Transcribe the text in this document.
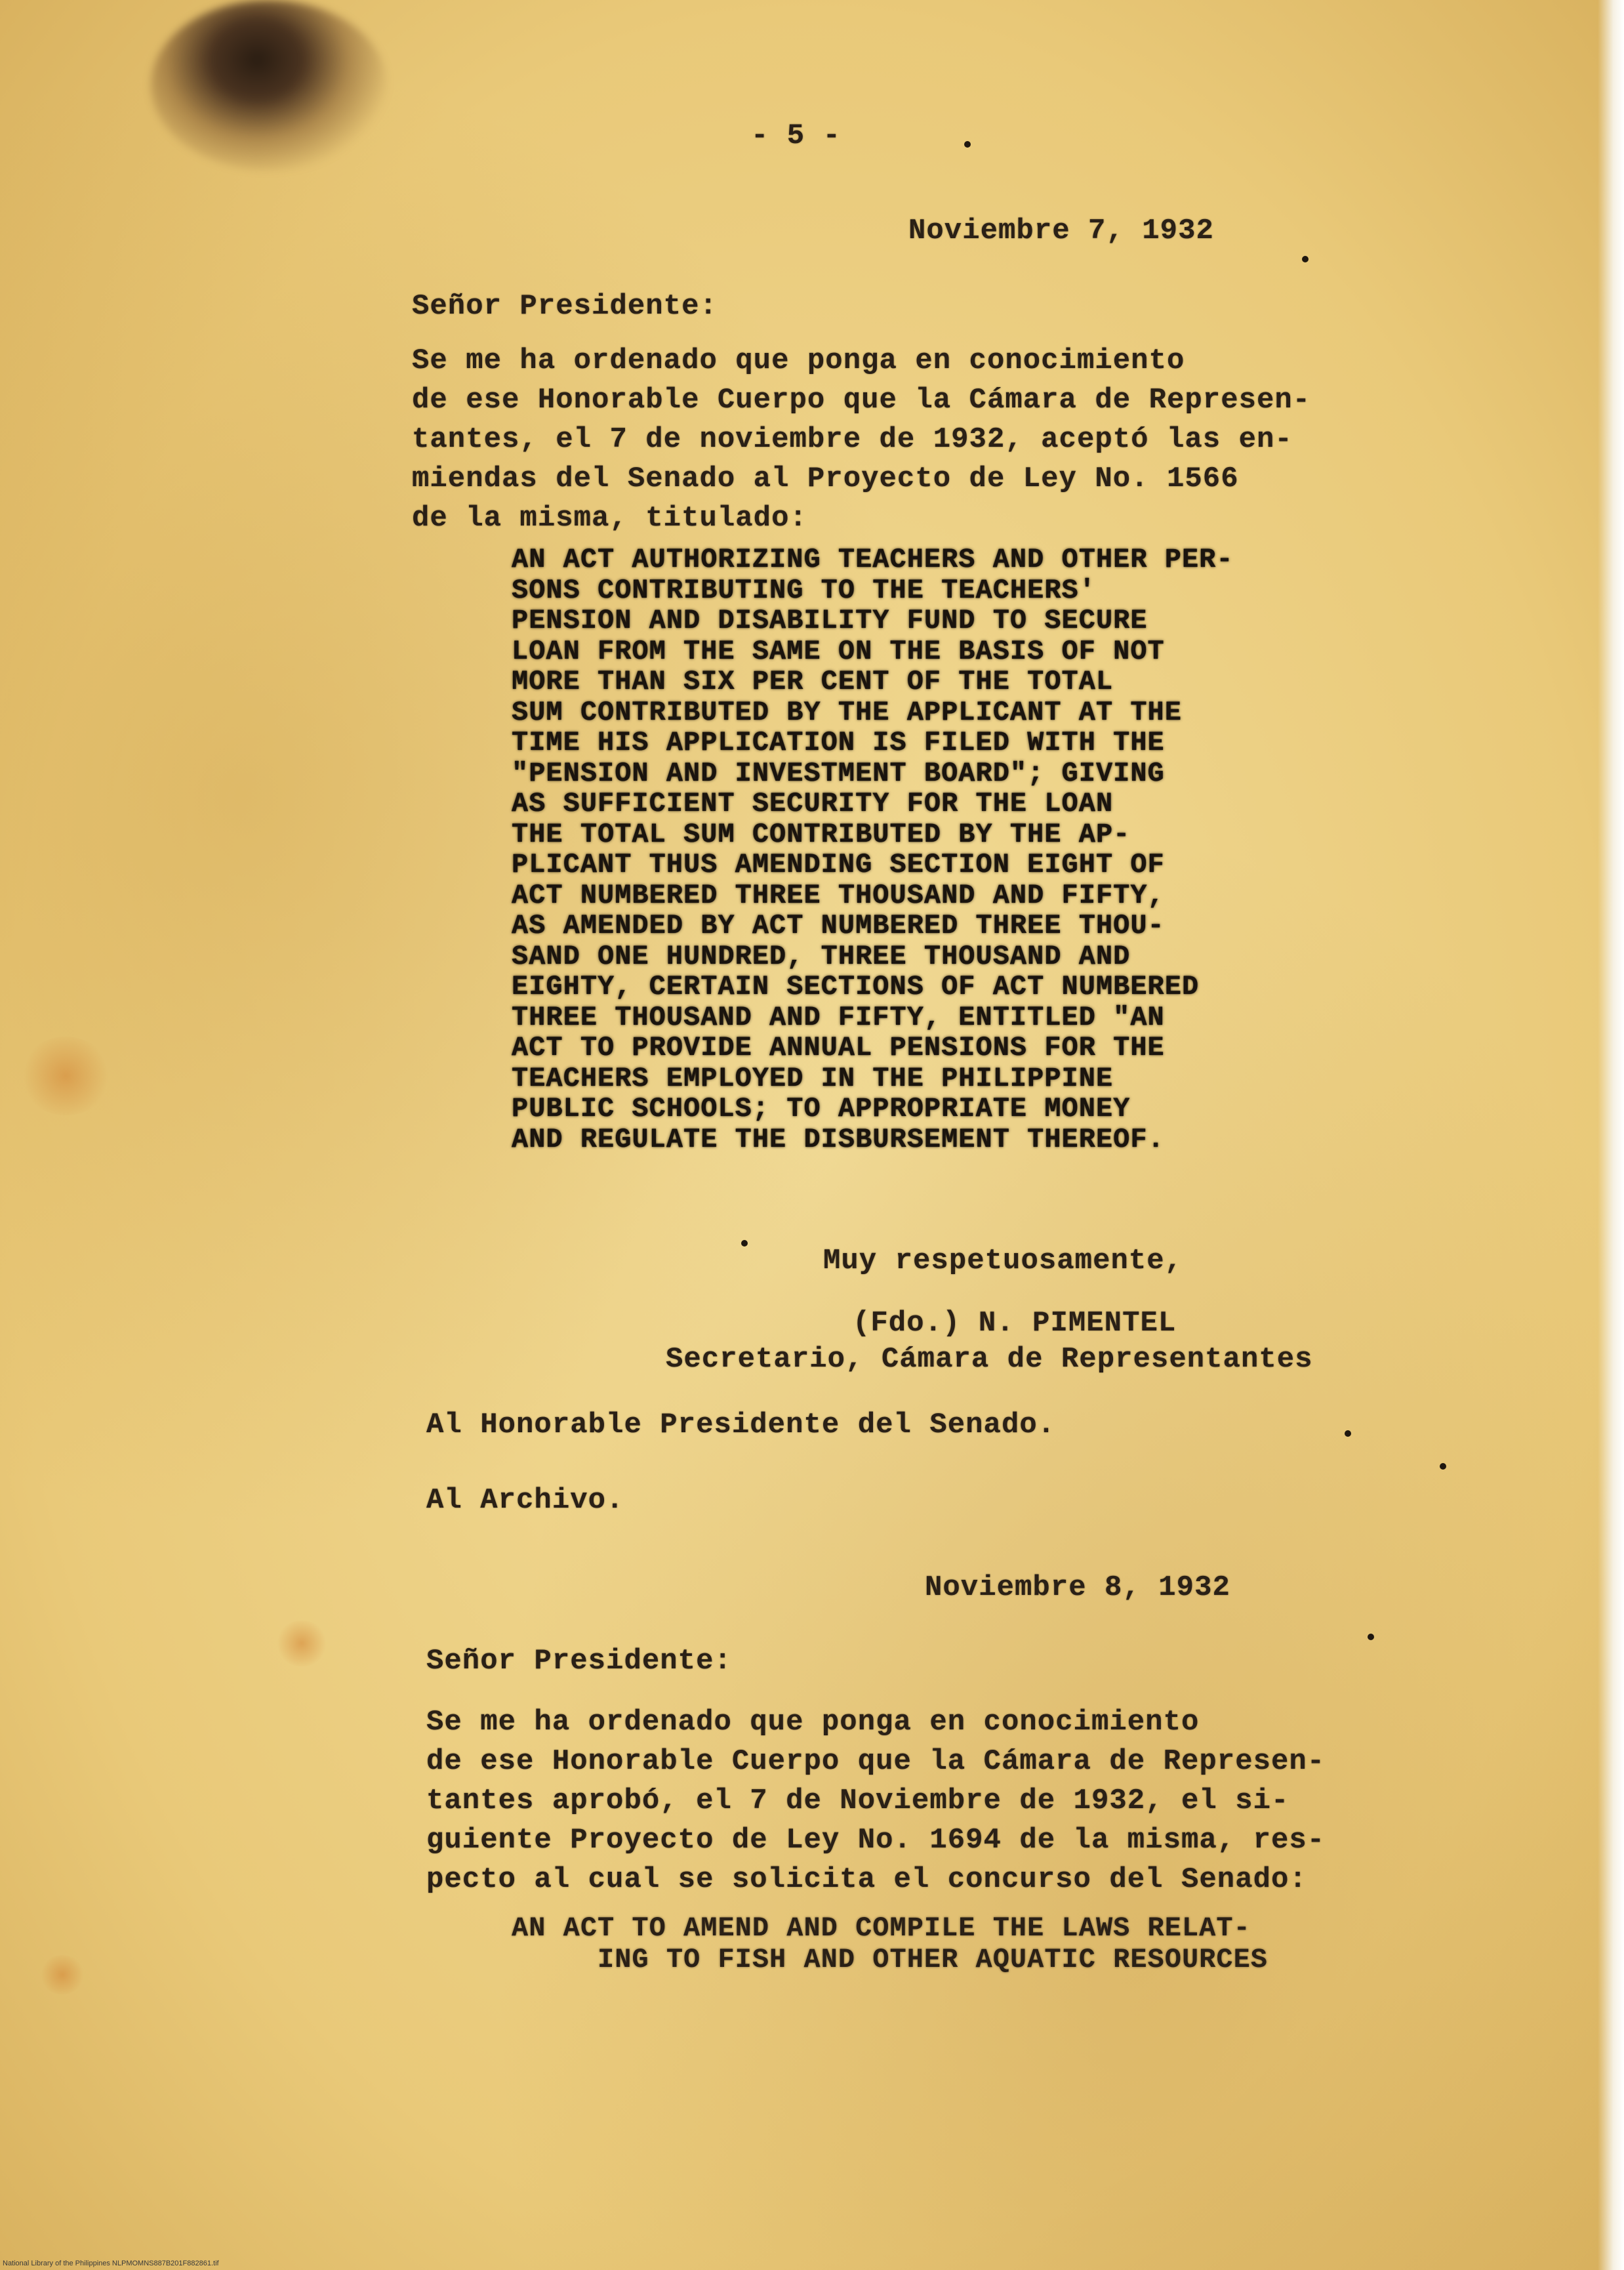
- 5 -
Noviembre 7, 1932
Señor Presidente:
Se me ha ordenado que ponga en conocimiento
de ese Honorable Cuerpo que la Cámara de Represen-
tantes, el 7 de noviembre de 1932, aceptó las en-
miendas del Senado al Proyecto de Ley No. 1566
de la misma, titulado:
AN ACT AUTHORIZING TEACHERS AND OTHER PER-
SONS CONTRIBUTING TO THE TEACHERS'
PENSION AND DISABILITY FUND TO SECURE
LOAN FROM THE SAME ON THE BASIS OF NOT
MORE THAN SIX PER CENT OF THE TOTAL
SUM CONTRIBUTED BY THE APPLICANT AT THE
TIME HIS APPLICATION IS FILED WITH THE
"PENSION AND INVESTMENT BOARD"; GIVING
AS SUFFICIENT SECURITY FOR THE LOAN
THE TOTAL SUM CONTRIBUTED BY THE AP-
PLICANT THUS AMENDING SECTION EIGHT OF
ACT NUMBERED THREE THOUSAND AND FIFTY,
AS AMENDED BY ACT NUMBERED THREE THOU-
SAND ONE HUNDRED, THREE THOUSAND AND
EIGHTY, CERTAIN SECTIONS OF ACT NUMBERED
THREE THOUSAND AND FIFTY, ENTITLED "AN
ACT TO PROVIDE ANNUAL PENSIONS FOR THE
TEACHERS EMPLOYED IN THE PHILIPPINE
PUBLIC SCHOOLS; TO APPROPRIATE MONEY
AND REGULATE THE DISBURSEMENT THEREOF.
Muy respetuosamente,
(Fdo.) N. PIMENTEL
Secretario, Cámara de Representantes
Al Honorable Presidente del Senado.
Al Archivo.
Noviembre 8, 1932
Señor Presidente:
Se me ha ordenado que ponga en conocimiento
de ese Honorable Cuerpo que la Cámara de Represen-
tantes aprobó, el 7 de Noviembre de 1932, el si-
guiente Proyecto de Ley No. 1694 de la misma, res-
pecto al cual se solicita el concurso del Senado:
AN ACT TO AMEND AND COMPILE THE LAWS RELAT-
ING TO FISH AND OTHER AQUATIC RESOURCES
National Library of the Philippines NLPMOMNS887B201F882861.tif
